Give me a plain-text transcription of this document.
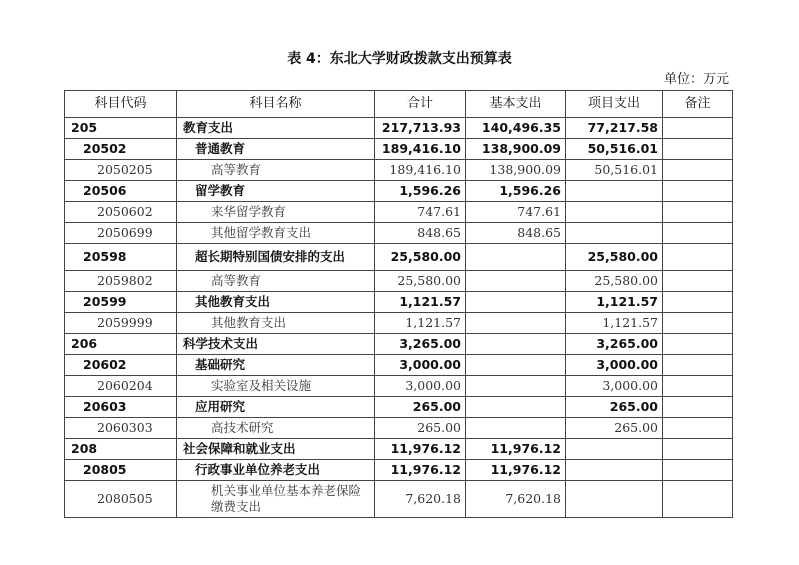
表 4：东北大学财政拨款支出预算表
单位：万元
科目代码	科目名称	合计	基本支出	项目支出	备注
205	教育支出	217,713.93	140,496.35	77,217.58	
20502	普通教育	189,416.10	138,900.09	50,516.01	
2050205	高等教育	189,416.10	138,900.09	50,516.01	
20506	留学教育	1,596.26	1,596.26		
2050602	来华留学教育	747.61	747.61		
2050699	其他留学教育支出	848.65	848.65		
20598	超长期特别国债安排的支出	25,580.00		25,580.00	
2059802	高等教育	25,580.00		25,580.00	
20599	其他教育支出	1,121.57		1,121.57	
2059999	其他教育支出	1,121.57		1,121.57	
206	科学技术支出	3,265.00		3,265.00	
20602	基础研究	3,000.00		3,000.00	
2060204	实验室及相关设施	3,000.00		3,000.00	
20603	应用研究	265.00		265.00	
2060303	高技术研究	265.00		265.00	
208	社会保障和就业支出	11,976.12	11,976.12		
20805	行政事业单位养老支出	11,976.12	11,976.12		
2080505	机关事业单位基本养老保险缴费支出	7,620.18	7,620.18		
